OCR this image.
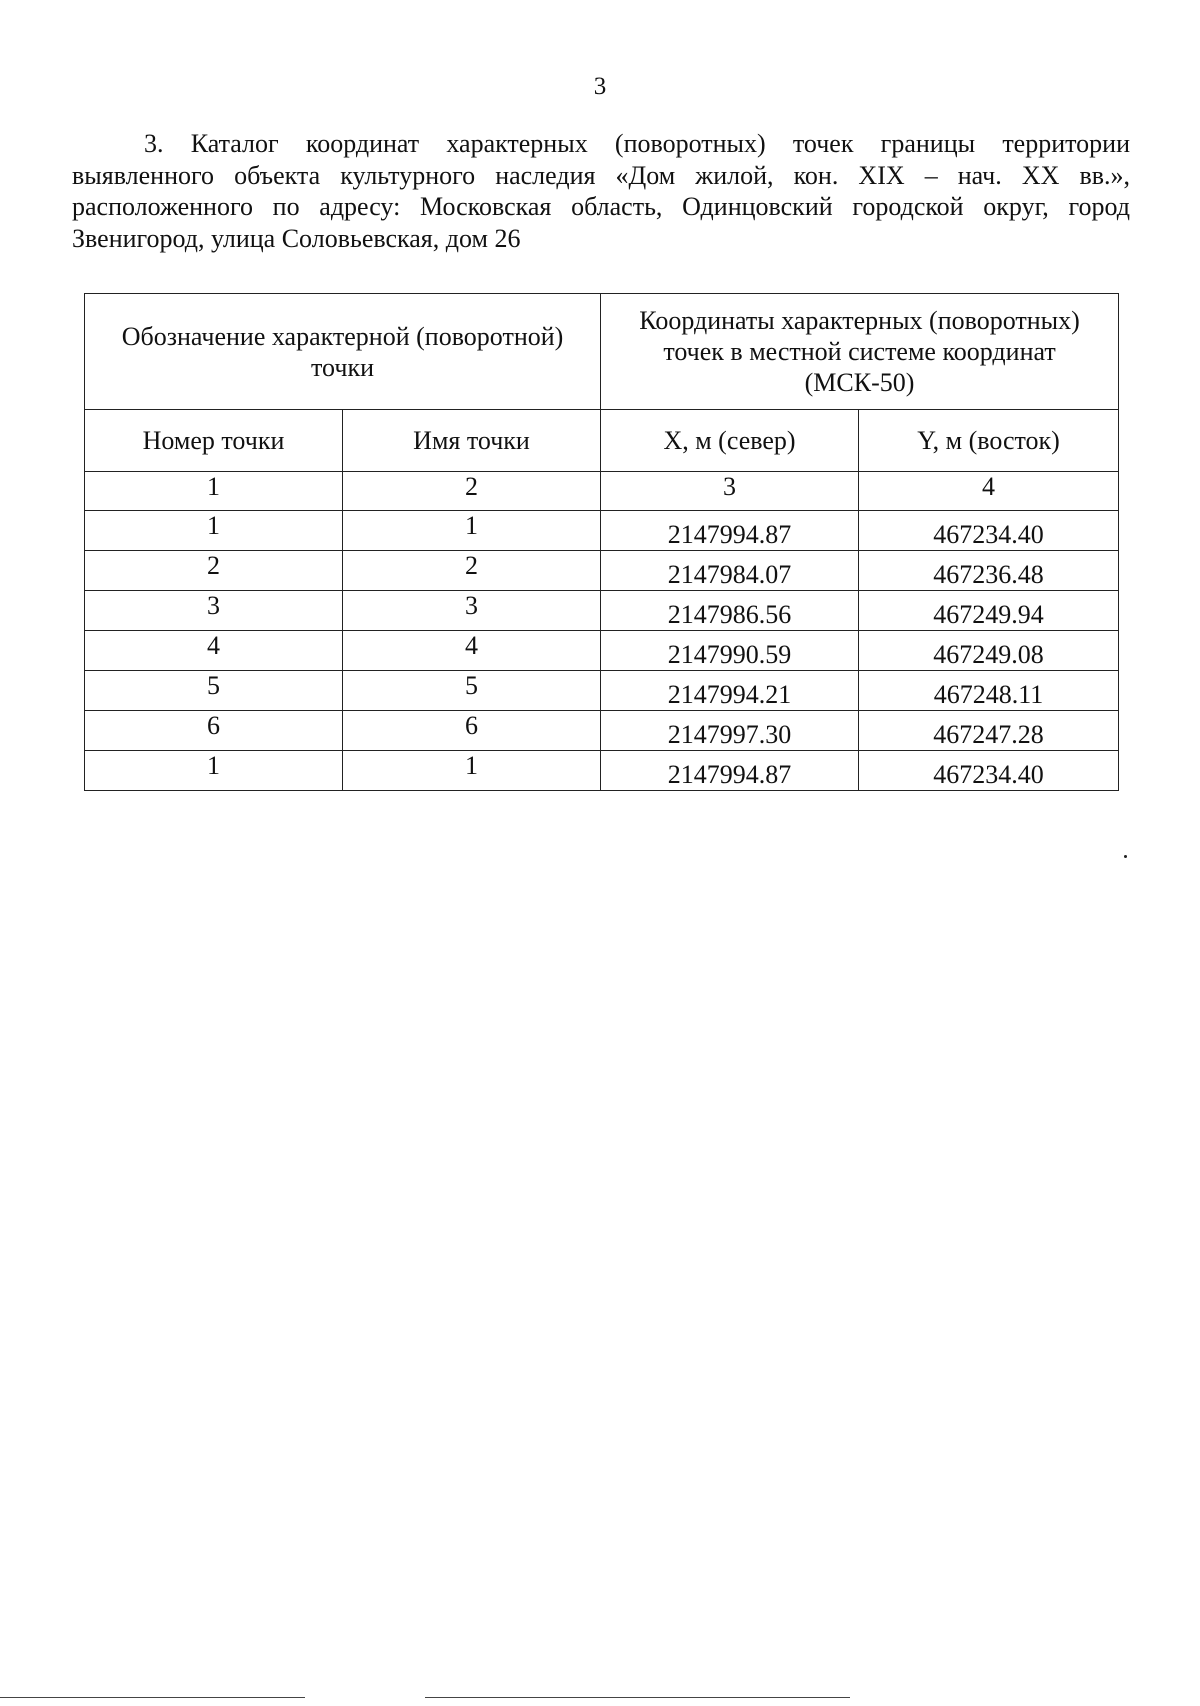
3

3. Каталог координат характерных (поворотных) точек границы территории выявленного объекта культурного наследия «Дом жилой, кон. XIX – нач. XX вв.», расположенного по адресу: Московская область, Одинцовский городской округ, город Звенигород, улица Соловьевская, дом 26

Обозначение характерной (поворотной) точки		Координаты характерных (поворотных) точек в местной системе координат (МСК-50)	
Номер точки	Имя точки	X, м (север)	Y, м (восток)
1	2	3	4
1	1	2147994.87	467234.40
2	2	2147984.07	467236.48
3	3	2147986.56	467249.94
4	4	2147990.59	467249.08
5	5	2147994.21	467248.11
6	6	2147997.30	467247.28
1	1	2147994.87	467234.40
